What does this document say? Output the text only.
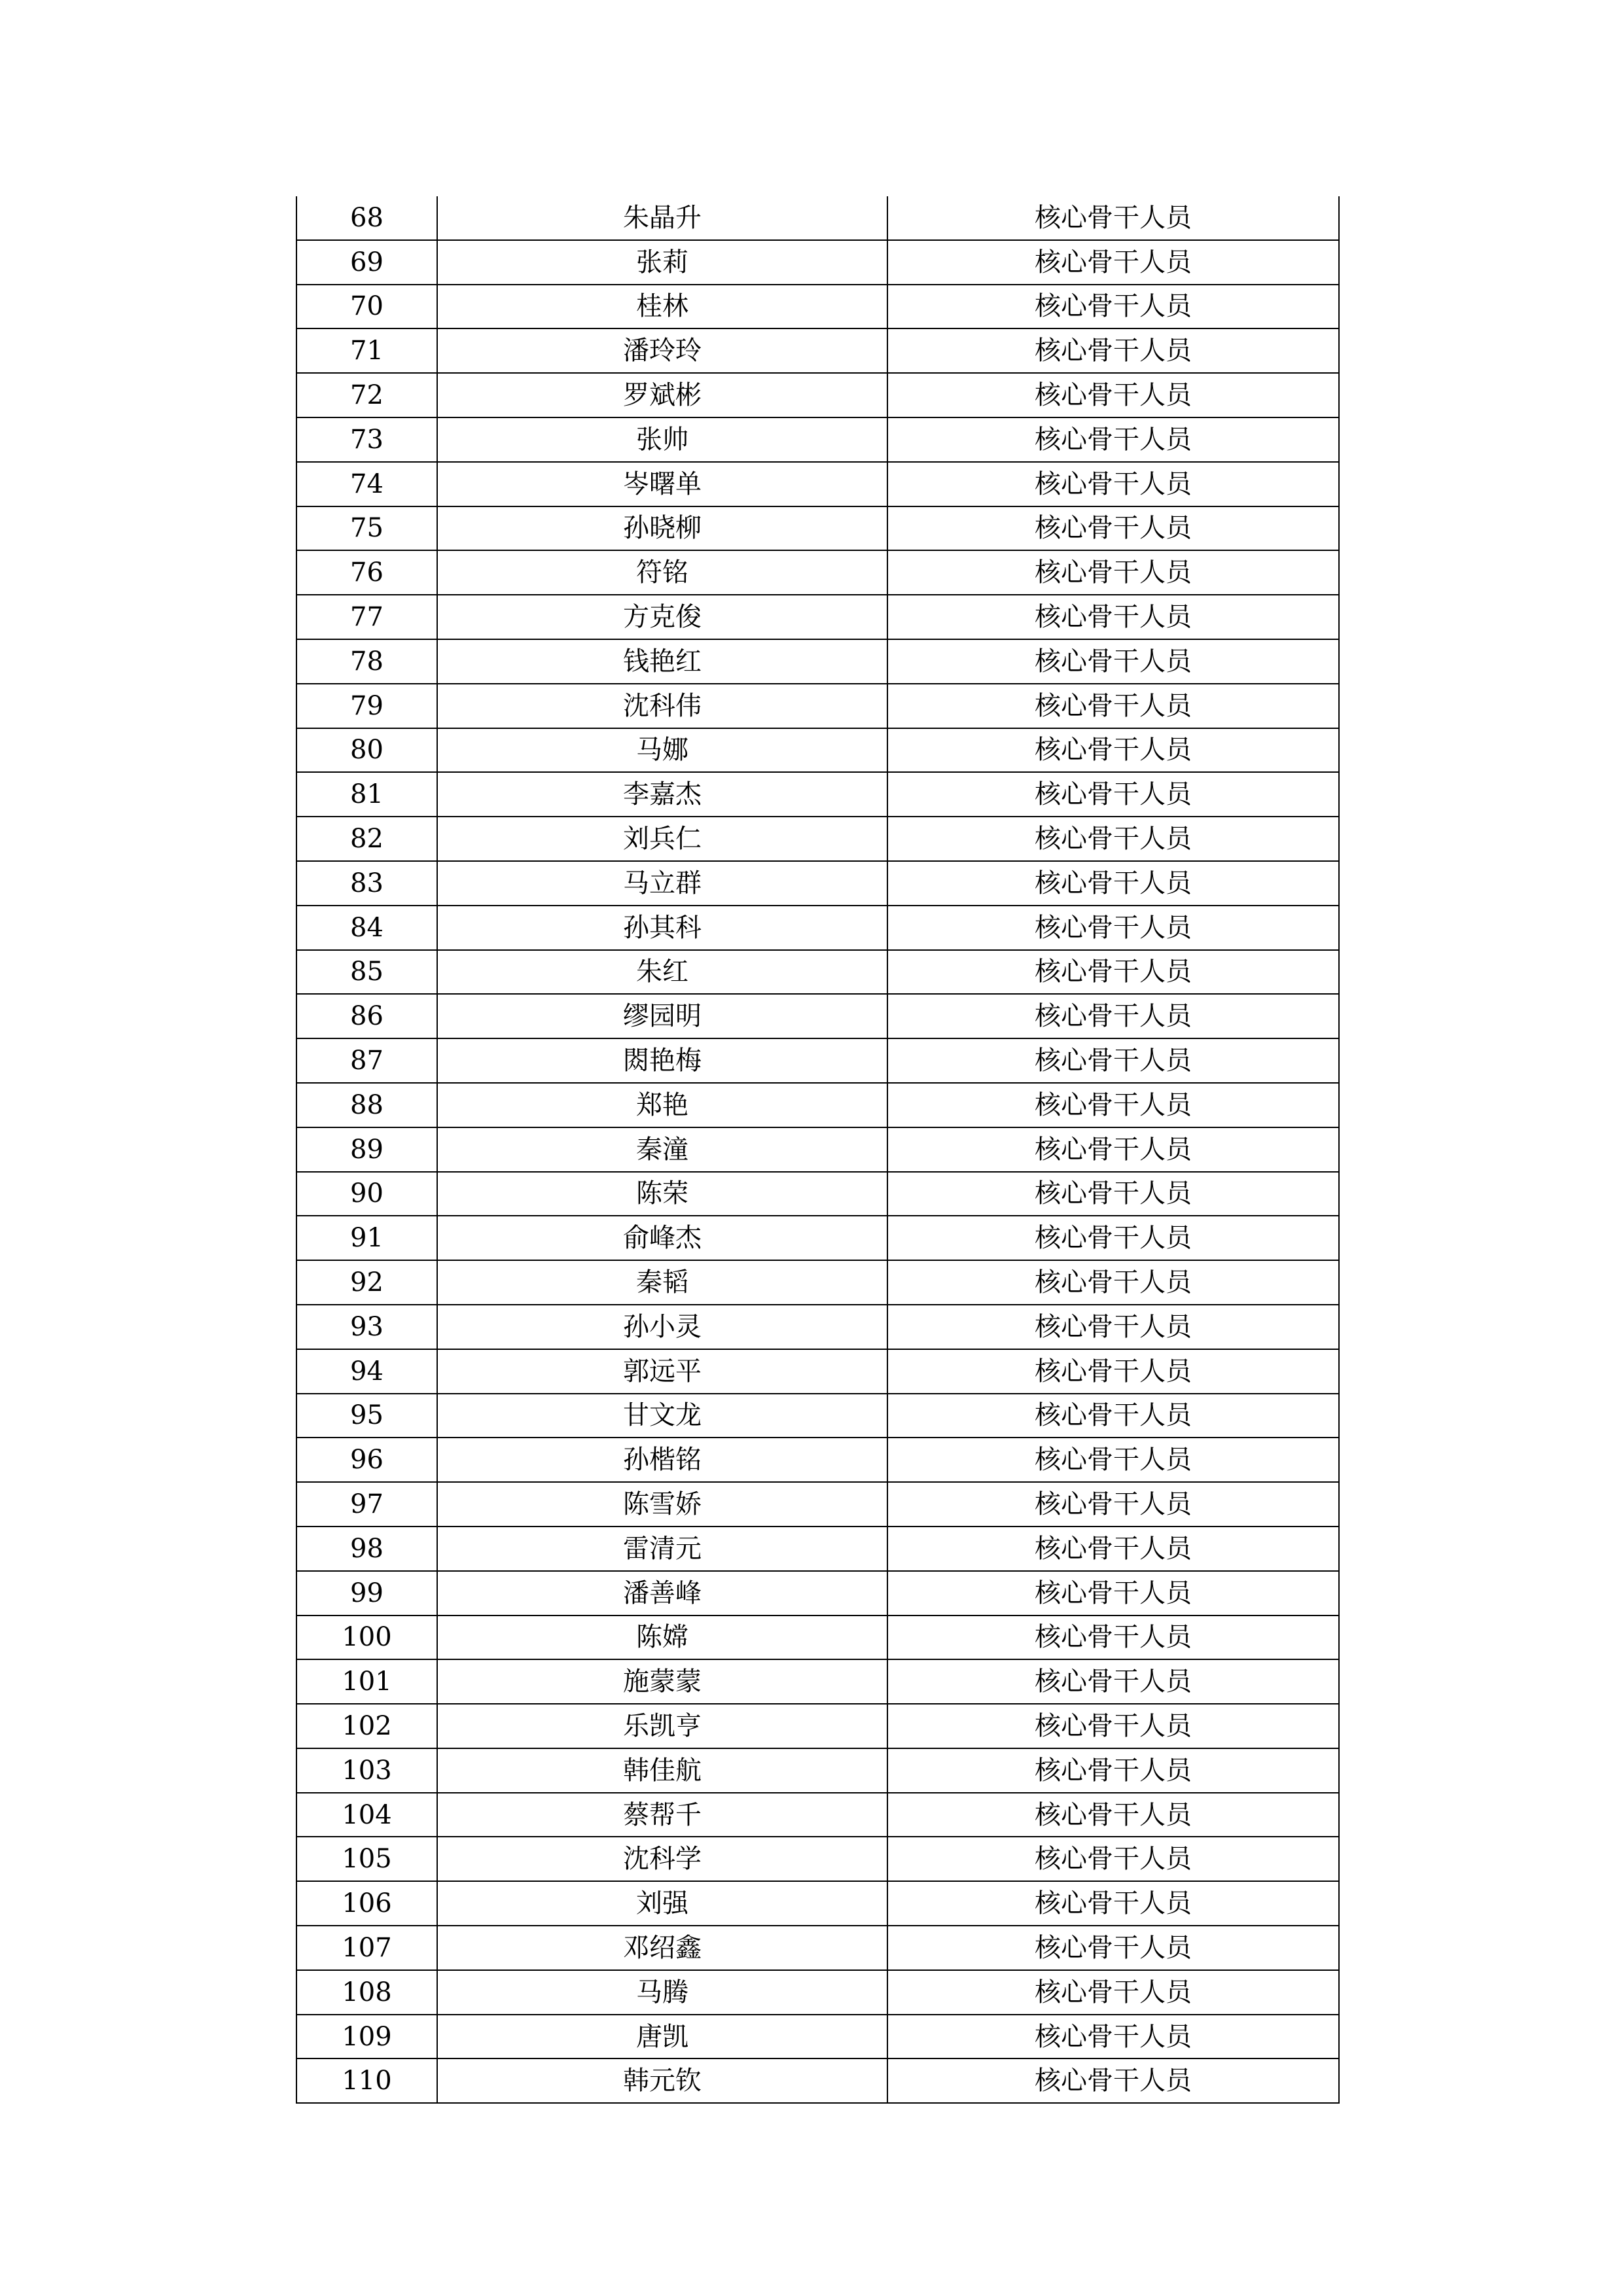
68	朱晶升	核心骨干人员
69	张莉	核心骨干人员
70	桂林	核心骨干人员
71	潘玲玲	核心骨干人员
72	罗斌彬	核心骨干人员
73	张帅	核心骨干人员
74	岑曙单	核心骨干人员
75	孙晓柳	核心骨干人员
76	符铭	核心骨干人员
77	方克俊	核心骨干人员
78	钱艳红	核心骨干人员
79	沈科伟	核心骨干人员
80	马娜	核心骨干人员
81	李嘉杰	核心骨干人员
82	刘兵仁	核心骨干人员
83	马立群	核心骨干人员
84	孙其科	核心骨干人员
85	朱红	核心骨干人员
86	缪园明	核心骨干人员
87	閦艳梅	核心骨干人员
88	郑艳	核心骨干人员
89	秦潼	核心骨干人员
90	陈荣	核心骨干人员
91	俞峰杰	核心骨干人员
92	秦韬	核心骨干人员
93	孙小灵	核心骨干人员
94	郭远平	核心骨干人员
95	甘文龙	核心骨干人员
96	孙楷铭	核心骨干人员
97	陈雪娇	核心骨干人员
98	雷清元	核心骨干人员
99	潘善峰	核心骨干人员
100	陈嫦	核心骨干人员
101	施蒙蒙	核心骨干人员
102	乐凯亨	核心骨干人员
103	韩佳航	核心骨干人员
104	蔡帮千	核心骨干人员
105	沈科学	核心骨干人员
106	刘强	核心骨干人员
107	邓绍鑫	核心骨干人员
108	马腾	核心骨干人员
109	唐凯	核心骨干人员
110	韩元钦	核心骨干人员
